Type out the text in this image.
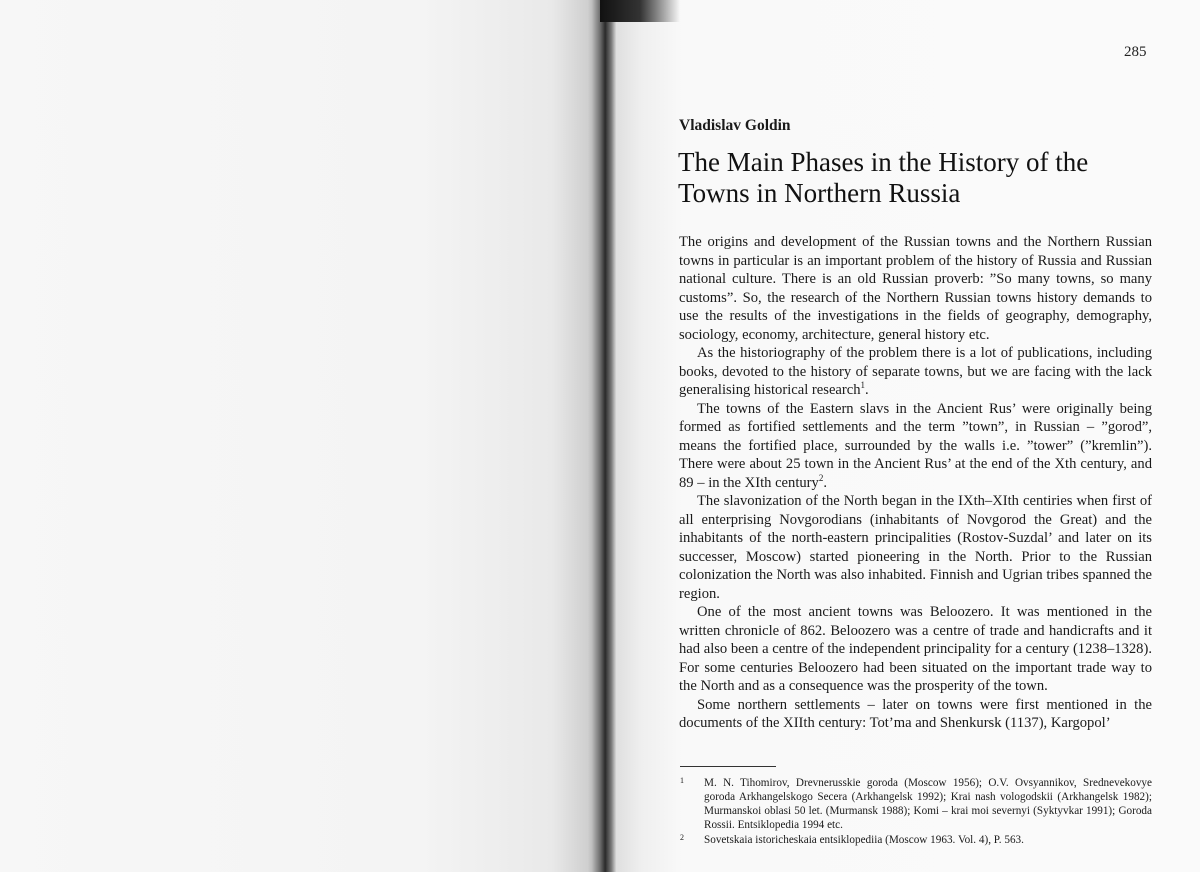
285
Vladislav Goldin
The Main Phases in the History of the Towns in Northern Russia

The origins and development of the Russian towns and the Northern Russian towns in particular is an important problem of the history of Russia and Russian national culture. There is an old Russian proverb: ”So many towns, so many customs”. So, the research of the Northern Russian towns history demands to use the results of the investigations in the fields of geography, demography, sociology, economy, architecture, general history etc.

As the historiography of the problem there is a lot of publications, including books, devoted to the history of separate towns, but we are facing with the lack generalising historical research$^1$.

The towns of the Eastern slavs in the Ancient Rus’ were originally being formed as fortified settlements and the term ”town”, in Russian – ”gorod”, means the fortified place, surrounded by the walls i.e. ”tower” (”kremlin”). There were about 25 town in the Ancient Rus’ at the end of the Xth century, and 89 – in the XIth century$^2$.

The slavonization of the North began in the IXth–XIth centiries when first of all enterprising Novgorodians (inhabitants of Novgorod the Great) and the inhabitants of the north-eastern principalities (Rostov-Suzdal’ and later on its successer, Moscow) started pioneering in the North. Prior to the Russian colonization the North was also inhabited. Finnish and Ugrian tribes spanned the region.

One of the most ancient towns was Beloozero. It was mentioned in the written chronicle of 862. Beloozero was a centre of trade and handicrafts and it had also been a centre of the independent principality for a century (1238–1328). For some centuries Beloozero had been situated on the important trade way to the North and as a consequence was the prosperity of the town.

Some northern settlements – later on towns were first mentioned in the documents of the XIIth century: Tot’ma and Shenkursk (1137), Kargopol’

1 M. N. Tihomirov, Drevnerusskie goroda (Moscow 1956); O.V. Ovsyannikov, Srednevekovye goroda Arkhangelskogo Secera (Arkhangelsk 1992); Krai nash vologodskii (Arkhangelsk 1982); Murmanskoi oblasi 50 let. (Murmansk 1988); Komi – krai moi severnyi (Syktyvkar 1991); Goroda Rossii. Entsiklopedia 1994 etc.

2 Sovetskaia istoricheskaia entsiklopediia (Moscow 1963. Vol. 4), P. 563.
